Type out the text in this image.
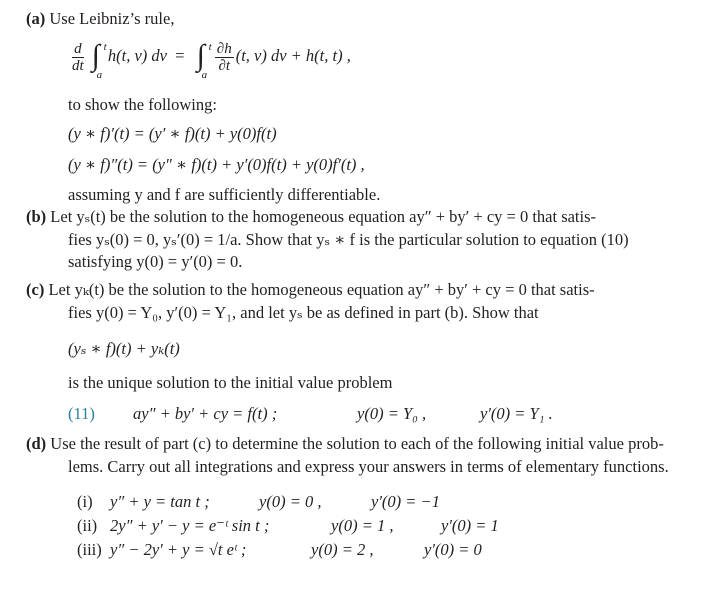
(a) Use Leibniz’s rule,
$\frac{d}{dt}$ ∫ t
a
h(t, v) dv = ∫ t
a
$\frac{\partial h}{\partial t} (t$, v) dv + h(t, t) ,
to show the following:
(y ∗ f)′(t) = (y′ ∗ f)(t) + y(0)f(t)
(y ∗ f)″(t) = (y″ ∗ f)(t) + y′(0)f(t) + y(0)f′(t) ,
assuming y and f are sufficiently differentiable.
(b) Let yₛ(t) be the solution to the homogeneous equation ay″ + by′ + cy = 0 that satis-
fies yₛ(0) = 0, yₛ′(0) = 1/a. Show that yₛ ∗ f is the particular solution to equation (10)
satisfying y(0) = y′(0) = 0.
(c) Let yₖ(t) be the solution to the homogeneous equation ay″ + by′ + cy = 0 that satis-
fies y(0) = Y₀, y′(0) = Y₁, and let yₛ be as defined in part (b). Show that
(yₛ ∗ f)(t) + yₖ(t)
is the unique solution to the initial value problem
(11) ay″ + by′ + cy = f(t) ;	y(0) = Y₀ ,	y′(0) = Y₁ .
(d) Use the result of part (c) to determine the solution to each of the following initial value prob-
lems. Carry out all integrations and express your answers in terms of elementary functions.
(i) y″ + y = tan t ;	y(0) = 0 ,	y′(0) = −1
(ii) 2y″ + y′ − y = e⁻ᵗ sin t ;	y(0) = 1 ,	y′(0) = 1
(iii) y″ − 2y′ + y = √t eᵗ ;	y(0) = 2 ,	y′(0) = 0
